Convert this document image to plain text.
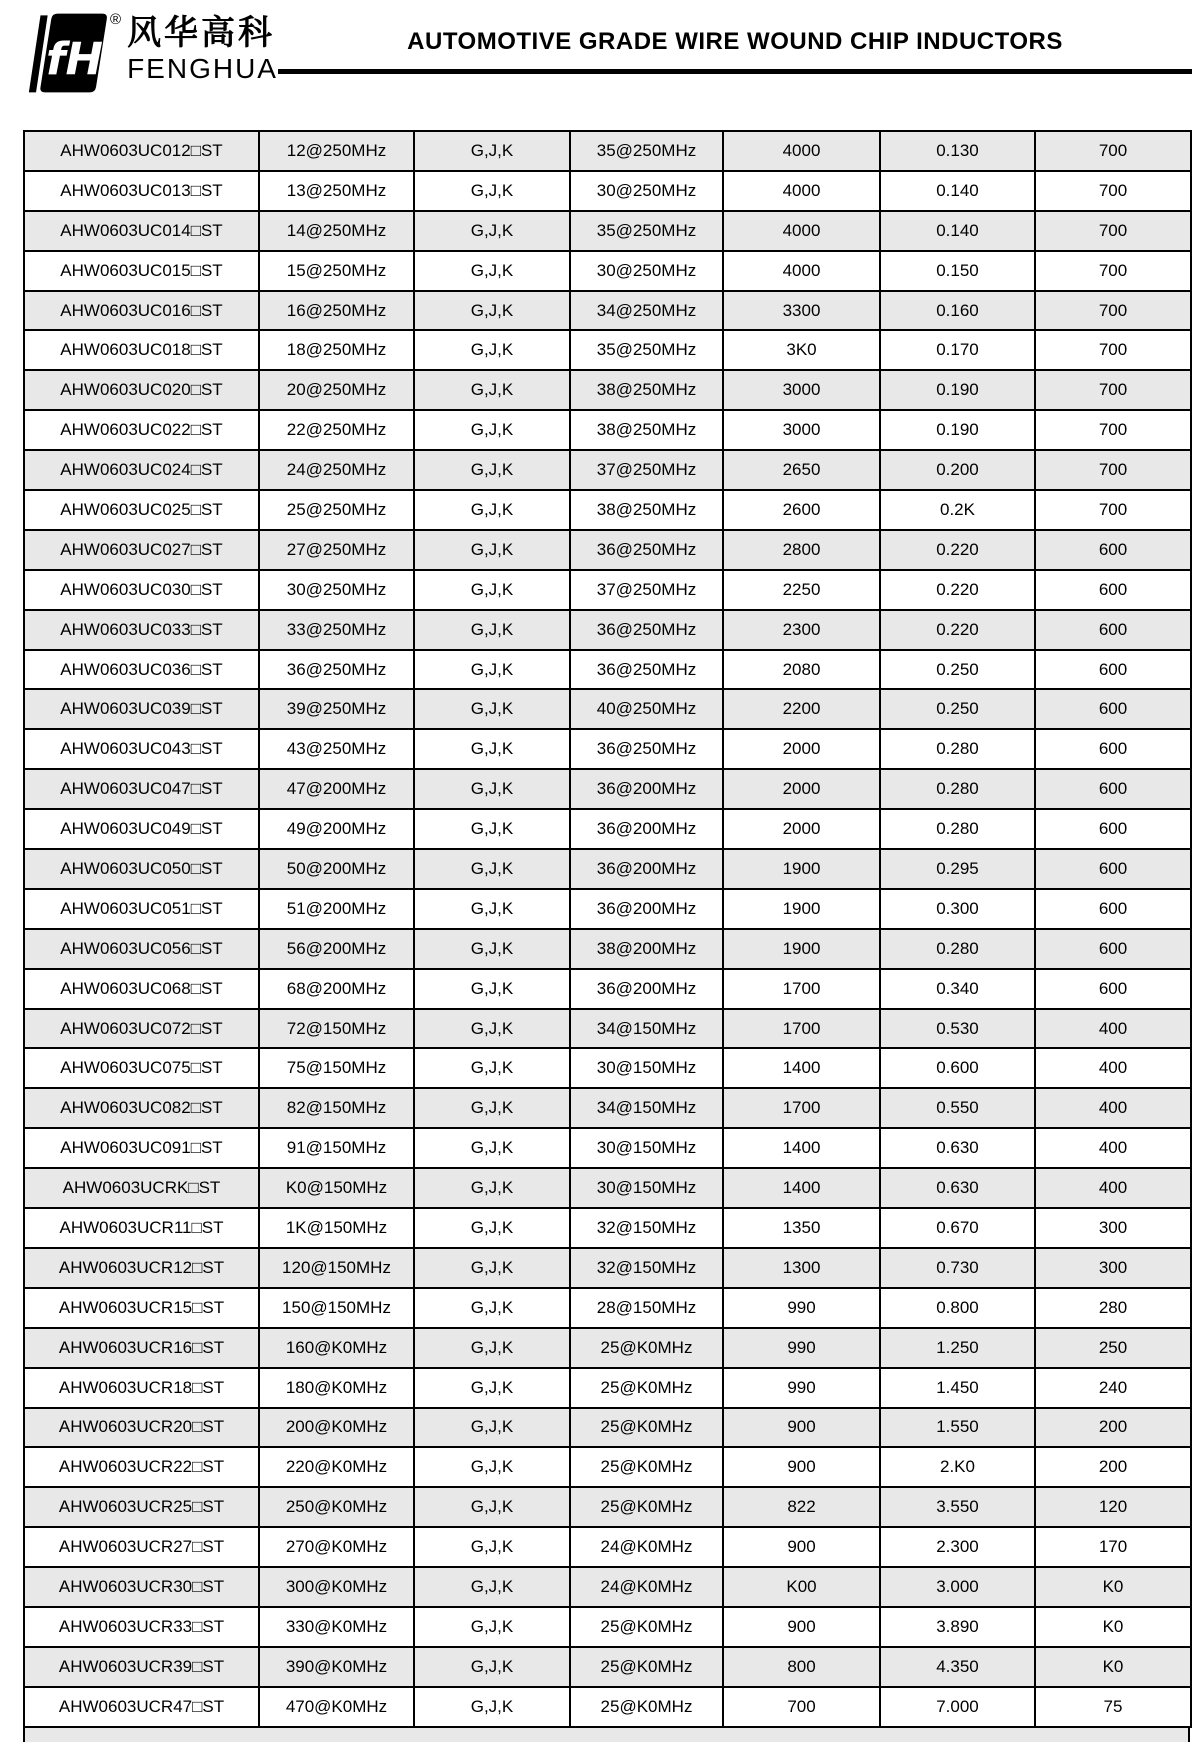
fH
® 风华高科
FENGHUA
AUTOMOTIVE GRADE WIRE WOUND CHIP INDUCTORS
AHW0603UC012□ST	12@250MHz	G,J,K	35@250MHz	4000	0.130	700
AHW0603UC013□ST	13@250MHz	G,J,K	30@250MHz	4000	0.140	700
AHW0603UC014□ST	14@250MHz	G,J,K	35@250MHz	4000	0.140	700
AHW0603UC015□ST	15@250MHz	G,J,K	30@250MHz	4000	0.150	700
AHW0603UC016□ST	16@250MHz	G,J,K	34@250MHz	3300	0.160	700
AHW0603UC018□ST	18@250MHz	G,J,K	35@250MHz	3K0	0.170	700
AHW0603UC020□ST	20@250MHz	G,J,K	38@250MHz	3000	0.190	700
AHW0603UC022□ST	22@250MHz	G,J,K	38@250MHz	3000	0.190	700
AHW0603UC024□ST	24@250MHz	G,J,K	37@250MHz	2650	0.200	700
AHW0603UC025□ST	25@250MHz	G,J,K	38@250MHz	2600	0.2K	700
AHW0603UC027□ST	27@250MHz	G,J,K	36@250MHz	2800	0.220	600
AHW0603UC030□ST	30@250MHz	G,J,K	37@250MHz	2250	0.220	600
AHW0603UC033□ST	33@250MHz	G,J,K	36@250MHz	2300	0.220	600
AHW0603UC036□ST	36@250MHz	G,J,K	36@250MHz	2080	0.250	600
AHW0603UC039□ST	39@250MHz	G,J,K	40@250MHz	2200	0.250	600
AHW0603UC043□ST	43@250MHz	G,J,K	36@250MHz	2000	0.280	600
AHW0603UC047□ST	47@200MHz	G,J,K	36@200MHz	2000	0.280	600
AHW0603UC049□ST	49@200MHz	G,J,K	36@200MHz	2000	0.280	600
AHW0603UC050□ST	50@200MHz	G,J,K	36@200MHz	1900	0.295	600
AHW0603UC051□ST	51@200MHz	G,J,K	36@200MHz	1900	0.300	600
AHW0603UC056□ST	56@200MHz	G,J,K	38@200MHz	1900	0.280	600
AHW0603UC068□ST	68@200MHz	G,J,K	36@200MHz	1700	0.340	600
AHW0603UC072□ST	72@150MHz	G,J,K	34@150MHz	1700	0.530	400
AHW0603UC075□ST	75@150MHz	G,J,K	30@150MHz	1400	0.600	400
AHW0603UC082□ST	82@150MHz	G,J,K	34@150MHz	1700	0.550	400
AHW0603UC091□ST	91@150MHz	G,J,K	30@150MHz	1400	0.630	400
AHW0603UCRK□ST	K0@150MHz	G,J,K	30@150MHz	1400	0.630	400
AHW0603UCR11□ST	1K@150MHz	G,J,K	32@150MHz	1350	0.670	300
AHW0603UCR12□ST	120@150MHz	G,J,K	32@150MHz	1300	0.730	300
AHW0603UCR15□ST	150@150MHz	G,J,K	28@150MHz	990	0.800	280
AHW0603UCR16□ST	160@K0MHz	G,J,K	25@K0MHz	990	1.250	250
AHW0603UCR18□ST	180@K0MHz	G,J,K	25@K0MHz	990	1.450	240
AHW0603UCR20□ST	200@K0MHz	G,J,K	25@K0MHz	900	1.550	200
AHW0603UCR22□ST	220@K0MHz	G,J,K	25@K0MHz	900	2.K0	200
AHW0603UCR25□ST	250@K0MHz	G,J,K	25@K0MHz	822	3.550	120
AHW0603UCR27□ST	270@K0MHz	G,J,K	24@K0MHz	900	2.300	170
AHW0603UCR30□ST	300@K0MHz	G,J,K	24@K0MHz	K00	3.000	K0
AHW0603UCR33□ST	330@K0MHz	G,J,K	25@K0MHz	900	3.890	K0
AHW0603UCR39□ST	390@K0MHz	G,J,K	25@K0MHz	800	4.350	K0
AHW0603UCR47□ST	470@K0MHz	G,J,K	25@K0MHz	700	7.000	75
